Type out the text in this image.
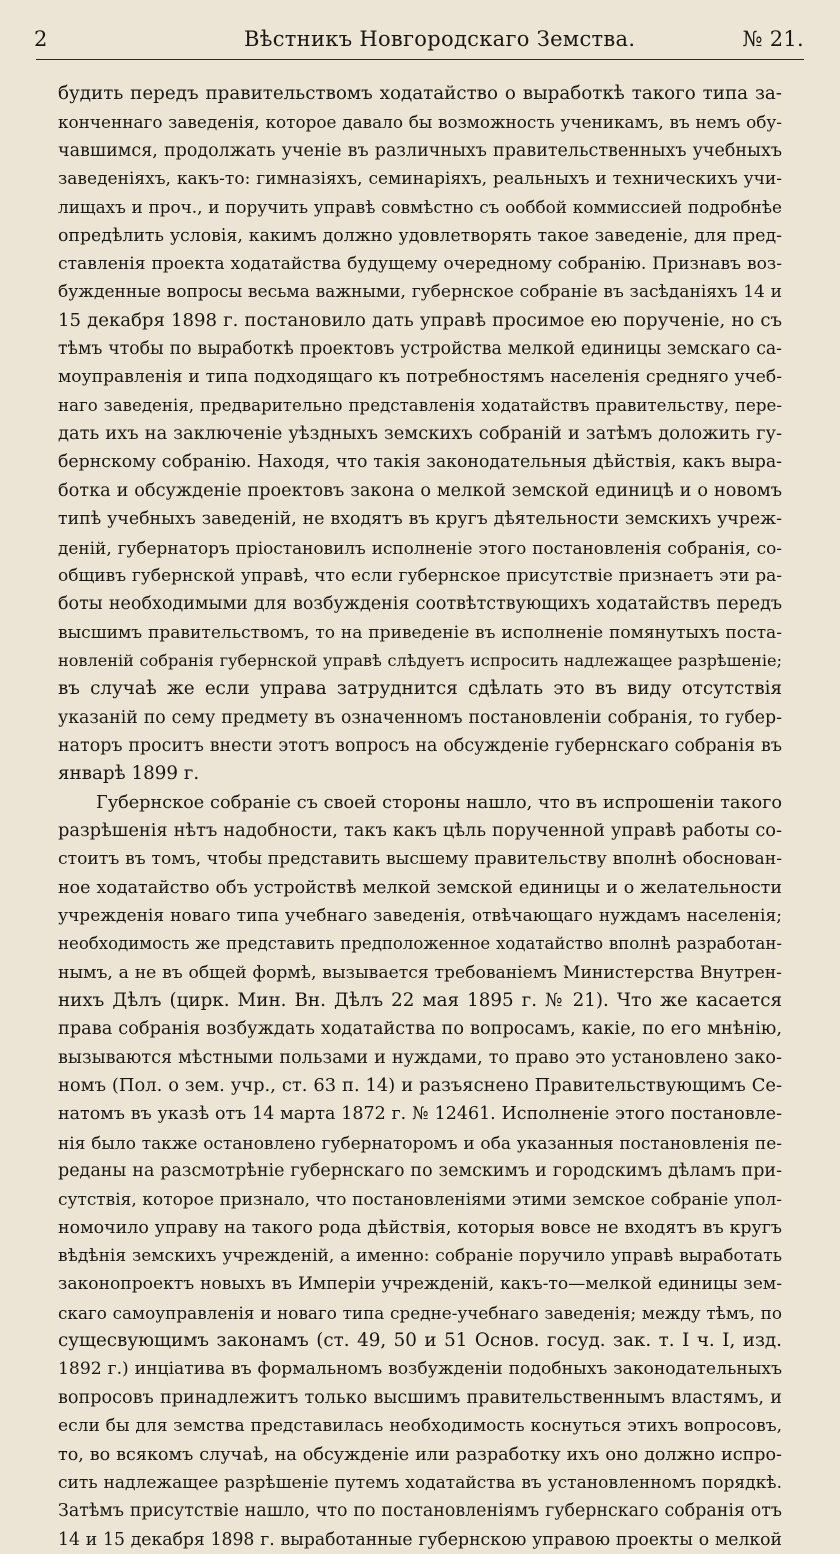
2	Вѣстникъ Новгородскаго Земства.	№ 21.
будить передъ правительствомъ ходатайство о выработкѣ такого типа за-
конченнаго заведенія, которое давало бы возможность ученикамъ, въ немъ обу-
чавшимся, продолжать ученіе въ различныхъ правительственныхъ учебныхъ
заведеніяхъ, какъ-то: гимназіяхъ, семинаріяхъ, реальныхъ и техническихъ учи-
лищахъ и проч., и поручить управѣ совмѣстно съ ооббой коммиссией подробнѣе
опредѣлить условія, какимъ должно удовлетворять такое заведеніе, для пред-
ставленія проекта ходатайства будущему очередному собранію. Признавъ воз-
бужденные вопросы весьма важными, губернское собраніе въ засѣданіяхъ 14 и
15 декабря 1898 г. постановило дать управѣ просимое ею порученіе, но съ
тѣмъ чтобы по выработкѣ проектовъ устройства мелкой единицы земскаго са-
моуправленія и типа подходящаго къ потребностямъ населенія средняго учеб-
наго заведенія, предварительно представленія ходатайствъ правительству, пере-
дать ихъ на заключеніе уѣздныхъ земскихъ собраній и затѣмъ доложить гу-
бернскому собранію. Находя, что такія законодательныя дѣйствія, какъ выра-
ботка и обсужденіе проектовъ закона о мелкой земской единицѣ и о новомъ
типѣ учебныхъ заведеній, не входятъ въ кругъ дѣятельности земскихъ учреж-
деній, губернаторъ пріостановилъ исполненіе этого постановленія собранія, со-
общивъ губернской управѣ, что если губернское присутствіе признаетъ эти ра-
боты необходимыми для возбужденія соотвѣтствующихъ ходатайствъ передъ
высшимъ правительствомъ, то на приведеніе въ исполненіе помянутыхъ поста-
новленій собранія губернской управѣ слѣдуетъ испросить надлежащее разрѣшеніе;
въ случаѣ же если управа затруднится сдѣлать это въ виду отсутствія
указаній по сему предмету въ означенномъ постановленіи собранія, то губер-
наторъ проситъ внести этотъ вопросъ на обсужденіе губернскаго собранія въ
январѣ 1899 г.
Губернское собраніе съ своей стороны нашло, что въ испрошеніи такого
разрѣшенія нѣтъ надобности, такъ какъ цѣль порученной управѣ работы со-
стоитъ въ томъ, чтобы представить высшему правительству вполнѣ обоснован-
ное ходатайство объ устройствѣ мелкой земской единицы и о желательности
учрежденія новаго типа учебнаго заведенія, отвѣчающаго нуждамъ населенія;
необходимость же представить предположенное ходатайство вполнѣ разработан-
нымъ, а не въ общей формѣ, вызывается требованіемъ Министерства Внутрен-
нихъ Дѣлъ (цирк. Мин. Вн. Дѣлъ 22 мая 1895 г. № 21). Что же касается
права собранія возбуждать ходатайства по вопросамъ, какіе, по его мнѣнію,
вызываются мѣстными пользами и нуждами, то право это установлено зако-
номъ (Пол. о зем. учр., ст. 63 п. 14) и разъяснено Правительствующимъ Се-
натомъ въ указѣ отъ 14 марта 1872 г. № 12461. Исполненіе этого постановле-
нія было также остановлено губернаторомъ и оба указанныя постановленія пе-
реданы на разсмотрѣніе губернскаго по земскимъ и городскимъ дѣламъ при-
сутствія, которое признало, что постановленіями этими земское собраніе упол-
номочило управу на такого рода дѣйствія, которыя вовсе не входятъ въ кругъ
вѣдѣнія земскихъ учрежденій, а именно: собраніе поручило управѣ выработать
законопроектъ новыхъ въ Имперіи учрежденій, какъ-то—мелкой единицы зем-
скаго самоуправленія и новаго типа средне-учебнаго заведенія; между тѣмъ, по
сущесвующимъ законамъ (ст. 49, 50 и 51 Основ. госуд. зак. т. I ч. I, изд.
1892 г.) инціатива въ формальномъ возбужденіи подобныхъ законодательныхъ
вопросовъ принадлежитъ только высшимъ правительственнымъ властямъ, и
если бы для земства представилась необходимость коснуться этихъ вопросовъ,
то, во всякомъ случаѣ, на обсужденіе или разработку ихъ оно должно испро-
сить надлежащее разрѣшеніе путемъ ходатайства въ установленномъ порядкѣ.
Затѣмъ присутствіе нашло, что по постановленіямъ губернскаго собранія отъ
14 и 15 декабря 1898 г. выработанные губернскою управою проекты о мелкой
